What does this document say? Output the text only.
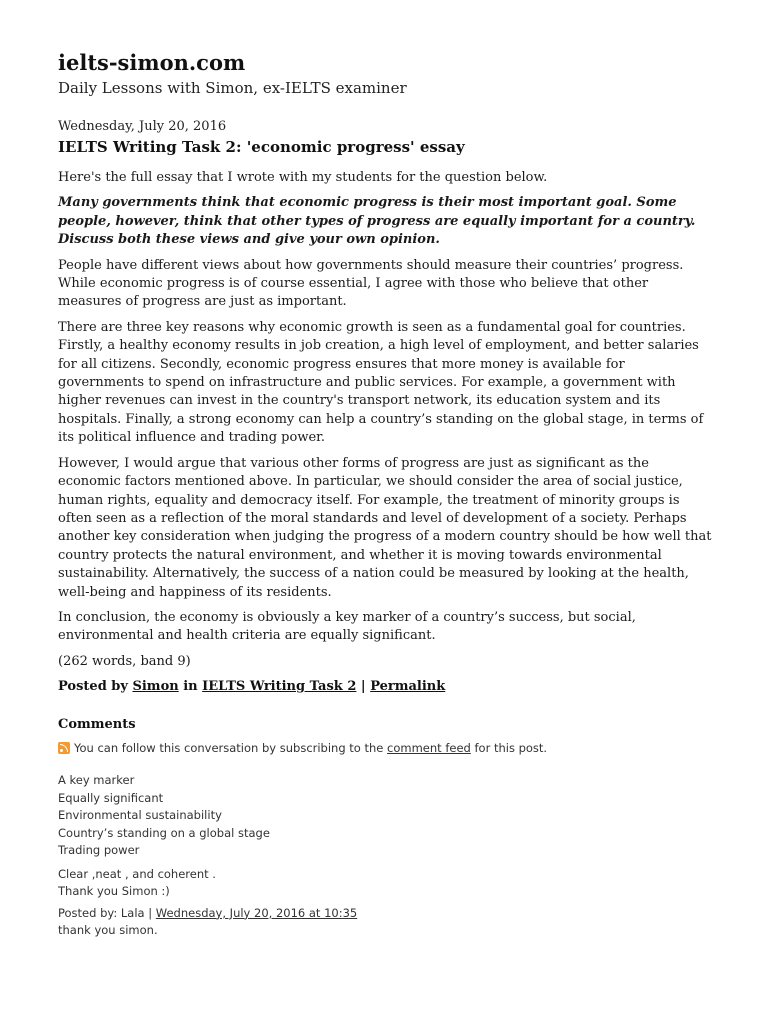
ielts-simon.com
Daily Lessons with Simon, ex-IELTS examiner
Wednesday, July 20, 2016
IELTS Writing Task 2: 'economic progress' essay

Here's the full essay that I wrote with my students for the question below.

Many governments think that economic progress is their most important goal. Some people, however, think that other types of progress are equally important for a country. Discuss both these views and give your own opinion.

People have different views about how governments should measure their countries’ progress. While economic progress is of course essential, I agree with those who believe that other measures of progress are just as important.

There are three key reasons why economic growth is seen as a fundamental goal for countries. Firstly, a healthy economy results in job creation, a high level of employment, and better salaries for all citizens. Secondly, economic progress ensures that more money is available for governments to spend on infrastructure and public services. For example, a government with higher revenues can invest in the country's transport network, its education system and its hospitals. Finally, a strong economy can help a country’s standing on the global stage, in terms of its political influence and trading power.

However, I would argue that various other forms of progress are just as significant as the economic factors mentioned above. In particular, we should consider the area of social justice, human rights, equality and democracy itself. For example, the treatment of minority groups is often seen as a reflection of the moral standards and level of development of a society. Perhaps another key consideration when judging the progress of a modern country should be how well that country protects the natural environment, and whether it is moving towards environmental sustainability. Alternatively, the success of a nation could be measured by looking at the health, well-being and happiness of its residents.

In conclusion, the economy is obviously a key marker of a country’s success, but social, environmental and health criteria are equally significant.

(262 words, band 9)

Posted by Simon in IELTS Writing Task 2 | Permalink
Comments
You can follow this conversation by subscribing to the comment feed for this post.
A key marker
Equally significant
Environmental sustainability
Country’s standing on a global stage
Trading power
Clear ,neat , and coherent .
Thank you Simon :)
Posted by: Lala | Wednesday, July 20, 2016 at 10:35
thank you simon.
